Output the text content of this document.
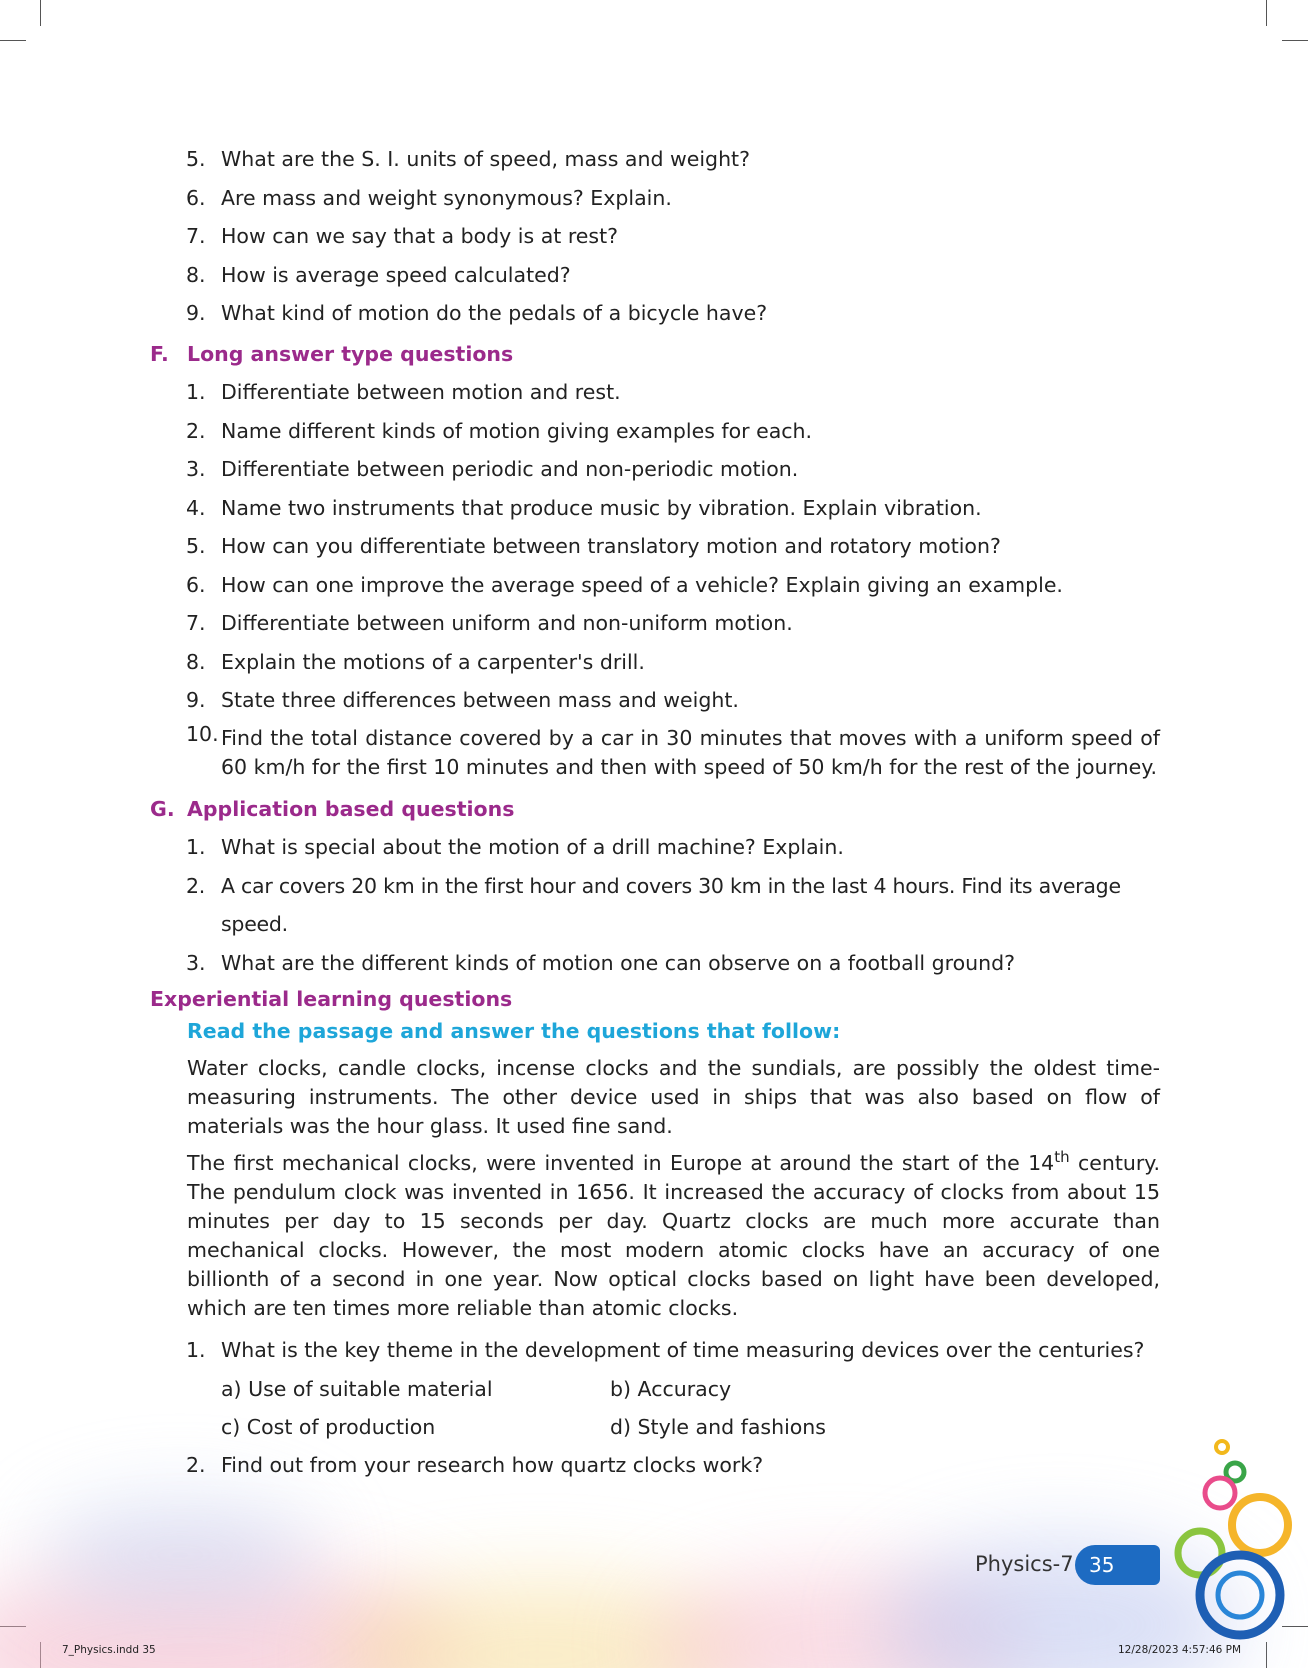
5. What are the S. I. units of speed, mass and weight?
6. Are mass and weight synonymous? Explain.
7. How can we say that a body is at rest?
8. How is average speed calculated?
9. What kind of motion do the pedals of a bicycle have?
F. Long answer type questions
1. Differentiate between motion and rest.
2. Name different kinds of motion giving examples for each.
3. Differentiate between periodic and non-periodic motion.
4. Name two instruments that produce music by vibration. Explain vibration.
5. How can you differentiate between translatory motion and rotatory motion?
6. How can one improve the average speed of a vehicle? Explain giving an example.
7. Differentiate between uniform and non-uniform motion.
8. Explain the motions of a carpenter's drill.
9. State three differences between mass and weight.
10. Find the total distance covered by a car in 30 minutes that moves with a uniform speed of 60 km/h for the first 10 minutes and then with speed of 50 km/h for the rest of the journey.
G. Application based questions
1. What is special about the motion of a drill machine? Explain.
2. A car covers 20 km in the first hour and covers 30 km in the last 4 hours. Find its average speed.
3. What are the different kinds of motion one can observe on a football ground?
Experiential learning questions
Read the passage and answer the questions that follow:
Water clocks, candle clocks, incense clocks and the sundials, are possibly the oldest time-measuring instruments. The other device used in ships that was also based on flow of materials was the hour glass. It used fine sand.
The first mechanical clocks, were invented in Europe at around the start of the 14th century. The pendulum clock was invented in 1656. It increased the accuracy of clocks from about 15 minutes per day to 15 seconds per day. Quartz clocks are much more accurate than mechanical clocks. However, the most modern atomic clocks have an accuracy of one billionth of a second in one year. Now optical clocks based on light have been developed, which are ten times more reliable than atomic clocks.
1. What is the key theme in the development of time measuring devices over the centuries?
a) Use of suitable material	b) Accuracy
c) Cost of production	d) Style and fashions
2. Find out from your research how quartz clocks work?
Physics-7 35
7_Physics.indd 35	12/28/2023 4:57:46 PM
